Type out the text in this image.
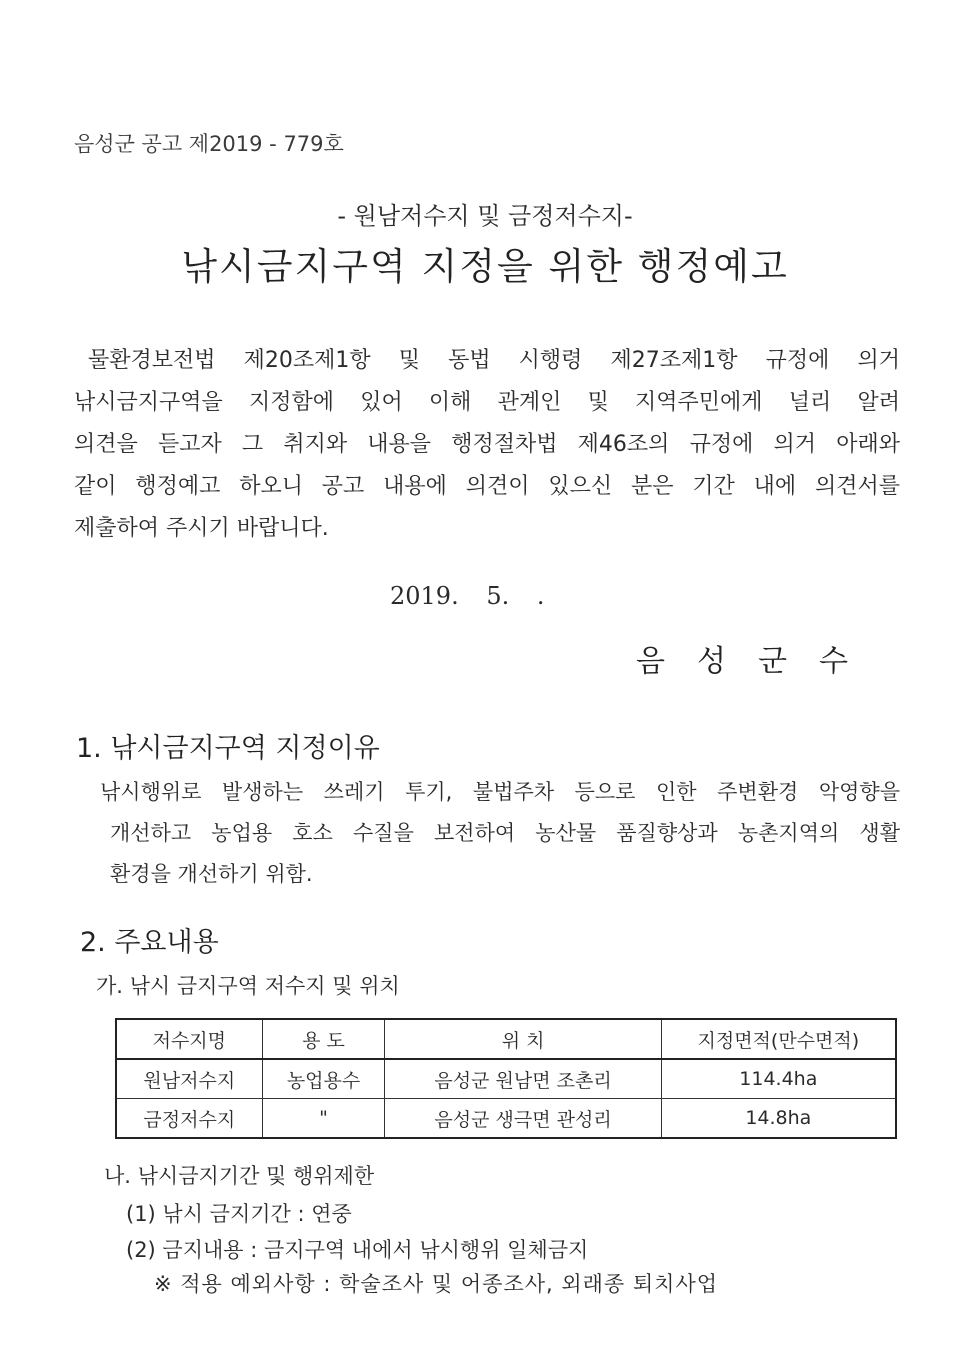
음성군 공고 제2019 - 779호
- 원남저수지 및 금정저수지-
낚시금지구역 지정을 위한 행정예고
물환경보전법 제20조제1항 및 동법 시행령 제27조제1항 규정에 의거
낚시금지구역을 지정함에 있어 이해 관계인 및 지역주민에게 널리 알려
의견을 듣고자 그 취지와 내용을 행정절차법 제46조의 규정에 의거 아래와
같이 행정예고 하오니 공고 내용에 의견이 있으신 분은 기간 내에 의견서를
제출하여 주시기 바랍니다.
2019. 5. .
음성군수
1. 낚시금지구역 지정이유
낚시행위로 발생하는 쓰레기 투기, 불법주차 등으로 인한 주변환경 악영향을
개선하고 농업용 호소 수질을 보전하여 농산물 품질향상과 농촌지역의 생활
환경을 개선하기 위함.
2. 주요내용
가. 낚시 금지구역 저수지 및 위치
저수지명	용 도	위 치	지정면적(만수면적)
원남저수지	농업용수	음성군 원남면 조촌리	114.4ha
금정저수지	"	음성군 생극면 관성리	14.8ha
나. 낚시금지기간 및 행위제한
(1) 낚시 금지기간 : 연중
(2) 금지내용 : 금지구역 내에서 낚시행위 일체금지
※ 적용 예외사항 : 학술조사 및 어종조사, 외래종 퇴치사업
